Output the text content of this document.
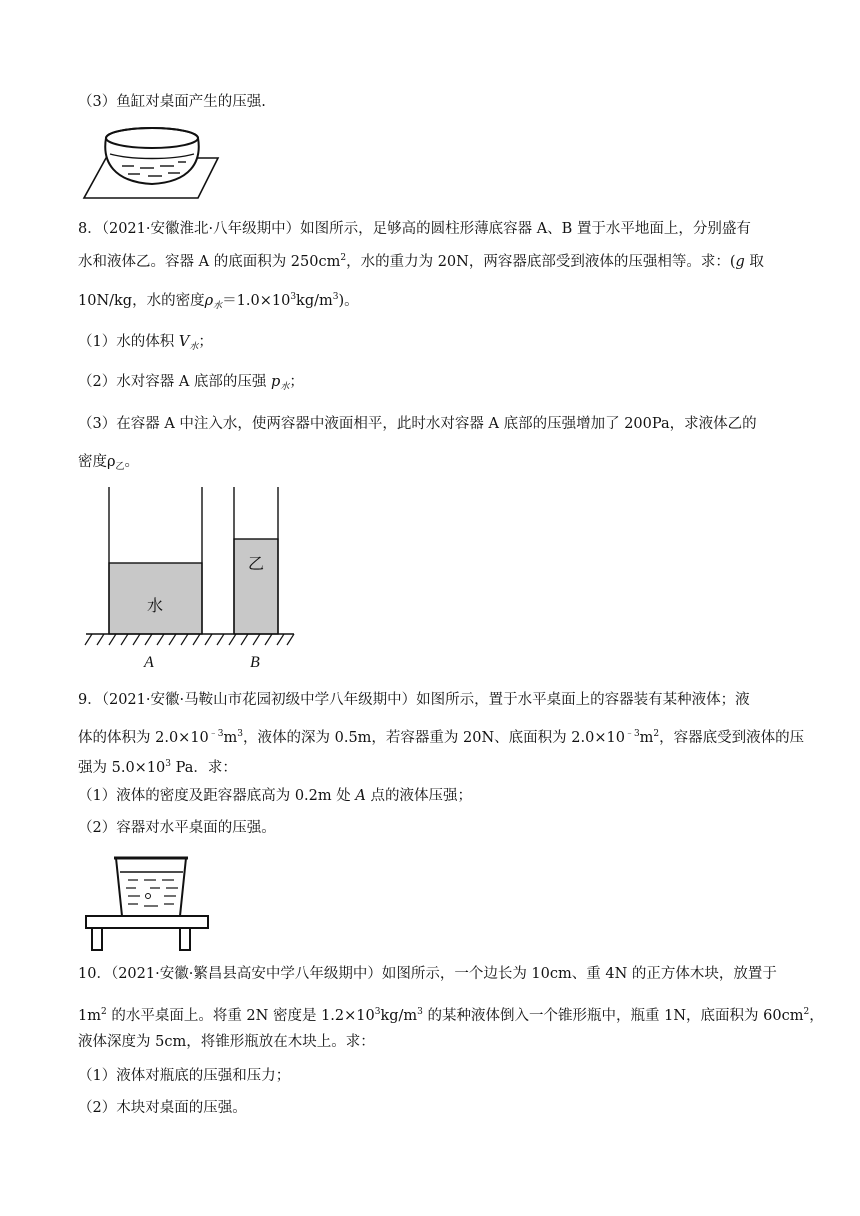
（3）鱼缸对桌面产生的压强.
8．（2021·安徽淮北·八年级期中）如图所示，足够高的圆柱形薄底容器 A、B 置于水平地面上，分别盛有
水和液体乙。容器 A 的底面积为 $250cm^2$，水的重力为 20N，两容器底部受到液体的压强相等。求：(g 取
10N/kg，水的密度$\rho_水=1.0\times 10^3kg/m^3$)。
（1）水的体积 $V_水$；
（2）水对容器 A 底部的压强 $p_水$；
（3）在容器 A 中注入水，使两容器中液面相平，此时水对容器 A 底部的压强增加了 200Pa，求液体乙的
密度$\rho_乙$。
水
乙
A	B
9．（2021·安徽·马鞍山市花园初级中学八年级期中）如图所示，置于水平桌面上的容器装有某种液体；液
体的体积为 $2.0\times 10^{﹣3}m^3$，液体的深为 0.5m，若容器重为 20N、底面积为 $2.0\times 10^{﹣3}m^2$，容器底受到液体的压
强为 $5.0\times 10^3$ Pa．求：
（1）液体的密度及距容器底高为 0.2m 处 A 点的液体压强；
（2）容器对水平桌面的压强。
10．（2021·安徽·繁昌县高安中学八年级期中）如图所示，一个边长为 10cm、重 4N 的正方体木块，放置于
$1m^2$ 的水平桌面上。将重 2N 密度是 $1.2\times 10^3kg/m^3$ 的某种液体倒入一个锥形瓶中，瓶重 1N，底面积为 $60cm^2$，
液体深度为 5cm，将锥形瓶放在木块上。求：
（1）液体对瓶底的压强和压力；
（2）木块对桌面的压强。
